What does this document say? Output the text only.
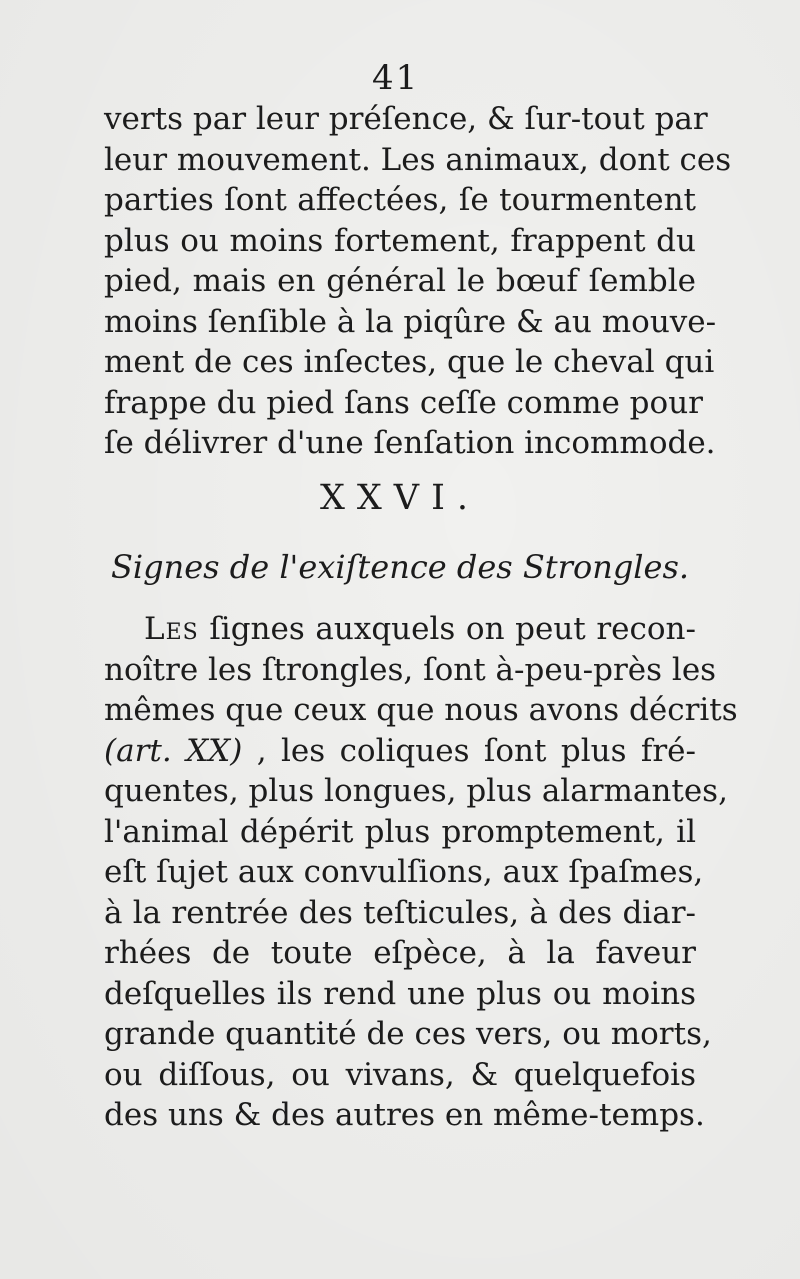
41
verts par leur préſence, & ſur-tout par
leur mouvement. Les animaux, dont ces
parties ſont affectées, ſe tourmentent
plus ou moins fortement, frappent du
pied, mais en général le bœuf ſemble
moins ſenſible à la piqûre & au mouve-
ment de ces inſectes, que le cheval qui
frappe du pied ſans ceſſe comme pour
ſe délivrer d'une ſenſation incommode.
XXVI.
Signes de l'exiſtence des Strongles.
Les ſignes auxquels on peut recon-
noître les ſtrongles, ſont à-peu-près les
mêmes que ceux que nous avons décrits
(art. XX) , les coliques ſont plus fré-
quentes, plus longues, plus alarmantes,
l'animal dépérit plus promptement, il
eſt ſujet aux convulſions, aux ſpaſmes,
à la rentrée des teſticules, à des diar-
rhées de toute eſpèce, à la faveur
deſquelles ils rend une plus ou moins
grande quantité de ces vers, ou morts,
ou diſſous, ou vivans, & quelquefois
des uns & des autres en même-temps.
